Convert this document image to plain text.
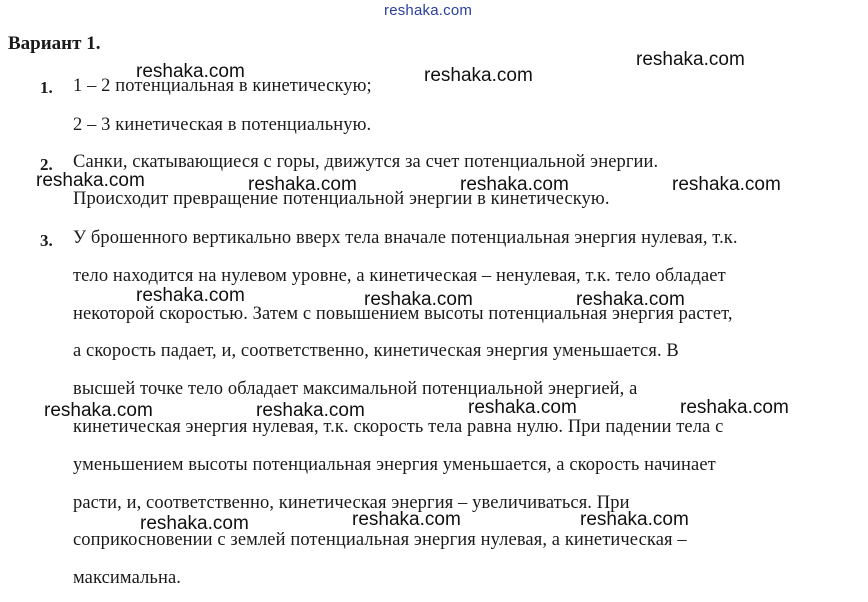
reshaka.com
Вариант 1.
1. 1 – 2 потенциальная в кинетическую;
2 – 3 кинетическая в потенциальную.
2. Санки, скатывающиеся с горы, движутся за счет потенциальной энергии.
Происходит превращение потенциальной энергии в кинетическую.
3. У брошенного вертикально вверх тела вначале потенциальная энергия нулевая, т.к.
тело находится на нулевом уровне, а кинетическая – ненулевая, т.к. тело обладает
некоторой скоростью. Затем с повышением высоты потенциальная энергия растет,
а скорость падает, и, соответственно, кинетическая энергия уменьшается. В
высшей точке тело обладает максимальной потенциальной энергией, а
кинетическая энергия нулевая, т.к. скорость тела равна нулю. При падении тела с
уменьшением высоты потенциальная энергия уменьшается, а скорость начинает
расти, и, соответственно, кинетическая энергия – увеличиваться. При
соприкосновении с землей потенциальная энергия нулевая, а кинетическая –
максимальна.
reshaka.com	reshaka.com
reshaka.com
reshaka.com	reshaka.com	reshaka.com	reshaka.com
reshaka.com	reshaka.com	reshaka.com
reshaka.com	reshaka.com	reshaka.com	reshaka.com
reshaka.com	reshaka.com	reshaka.com
